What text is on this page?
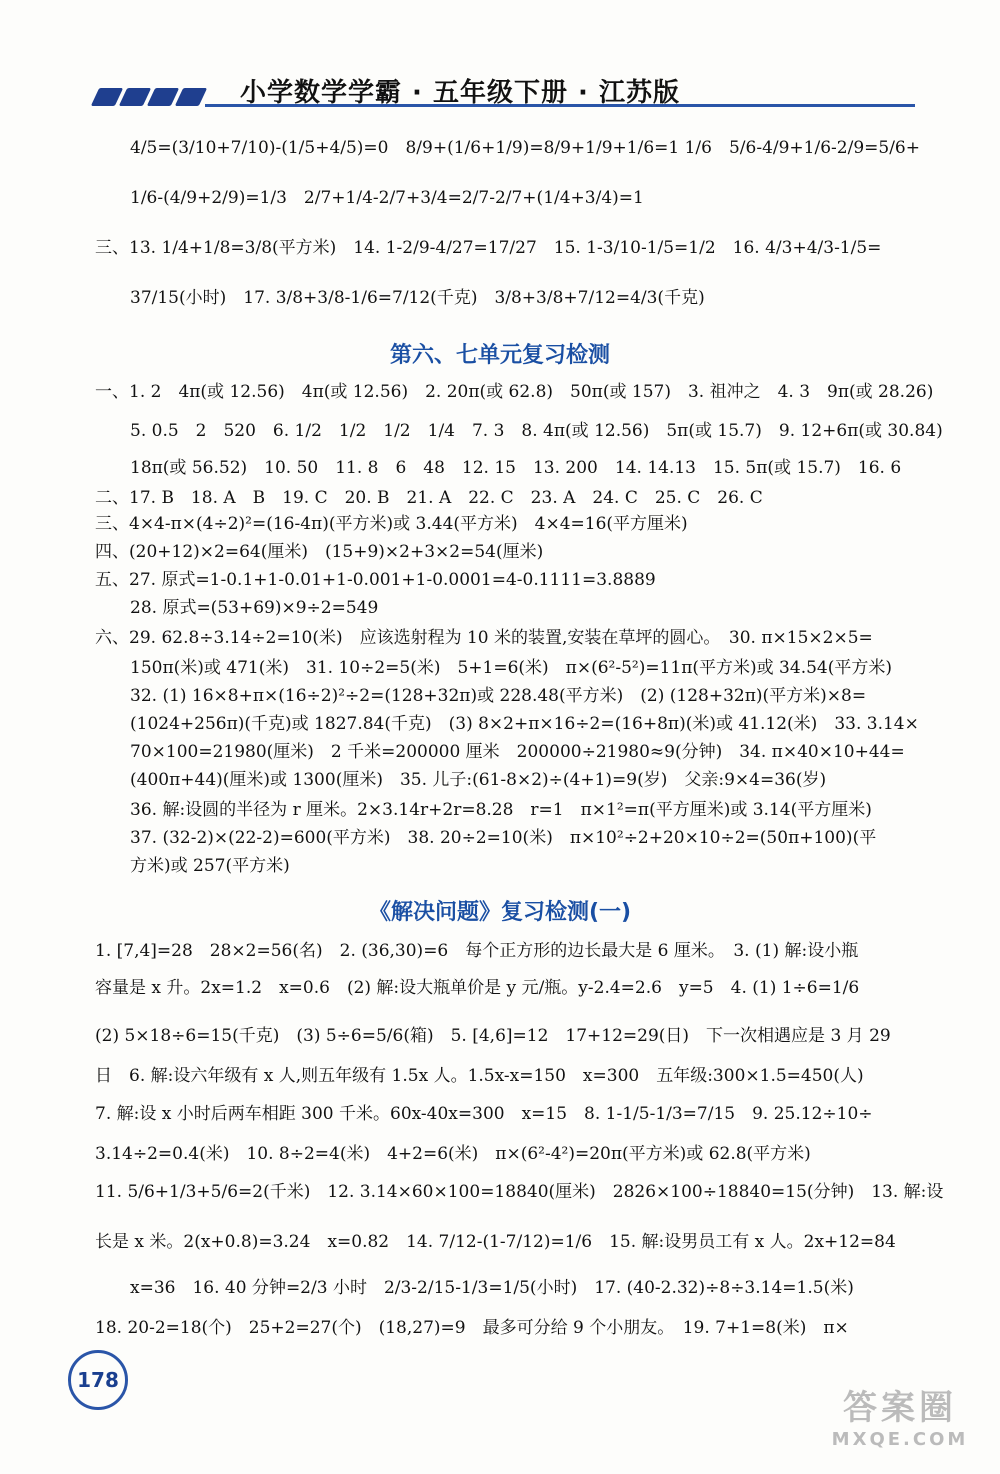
小学数学学霸 · 五年级下册 · 江苏版
4/5=(3/10+7/10)-(1/5+4/5)=0　8/9+(1/6+1/9)=8/9+1/9+1/6=1 1/6　5/6-4/9+1/6-2/9=5/6+
1/6-(4/9+2/9)=1/3　2/7+1/4-2/7+3/4=2/7-2/7+(1/4+3/4)=1
三、13. 1/4+1/8=3/8(平方米)　14. 1-2/9-4/27=17/27　15. 1-3/10-1/5=1/2　16. 4/3+4/3-1/5=
37/15(小时)　17. 3/8+3/8-1/6=7/12(千克)　3/8+3/8+7/12=4/3(千克)
第六、七单元复习检测
一、1. 2　4π(或 12.56)　4π(或 12.56)　2. 20π(或 62.8)　50π(或 157)　3. 祖冲之　4. 3　9π(或 28.26)
5. 0.5　2　520　6. 1/2　1/2　1/2　1/4　7. 3　8. 4π(或 12.56)　5π(或 15.7)　9. 12+6π(或 30.84)
18π(或 56.52)　10. 50　11. 8　6　48　12. 15　13. 200　14. 14.13　15. 5π(或 15.7)　16. 6
二、17. B　18. A　B　19. C　20. B　21. A　22. C　23. A　24. C　25. C　26. C
三、4×4-π×(4÷2)²=(16-4π)(平方米)或 3.44(平方米)　4×4=16(平方厘米)
四、(20+12)×2=64(厘米)　(15+9)×2+3×2=54(厘米)
五、27. 原式=1-0.1+1-0.01+1-0.001+1-0.0001=4-0.1111=3.8889
28. 原式=(53+69)×9÷2=549
六、29. 62.8÷3.14÷2=10(米)　应该选射程为 10 米的装置,安装在草坪的圆心。　30. π×15×2×5=
150π(米)或 471(米)　31. 10÷2=5(米)　5+1=6(米)　π×(6²-5²)=11π(平方米)或 34.54(平方米)
32. (1) 16×8+π×(16÷2)²÷2=(128+32π)或 228.48(平方米)　(2) (128+32π)(平方米)×8=
(1024+256π)(千克)或 1827.84(千克)　(3) 8×2+π×16÷2=(16+8π)(米)或 41.12(米)　33. 3.14×
70×100=21980(厘米)　2 千米=200000 厘米　200000÷21980≈9(分钟)　34. π×40×10+44=
(400π+44)(厘米)或 1300(厘米)　35. 儿子:(61-8×2)÷(4+1)=9(岁)　父亲:9×4=36(岁)
36. 解:设圆的半径为 r 厘米。2×3.14r+2r=8.28　r=1　π×1²=π(平方厘米)或 3.14(平方厘米)
37. (32-2)×(22-2)=600(平方米)　38. 20÷2=10(米)　π×10²÷2+20×10÷2=(50π+100)(平
方米)或 257(平方米)
《解决问题》复习检测(一)
1. [7,4]=28　28×2=56(名)　2. (36,30)=6　每个正方形的边长最大是 6 厘米。　3. (1) 解:设小瓶
容量是 x 升。2x=1.2　x=0.6　(2) 解:设大瓶单价是 y 元/瓶。y-2.4=2.6　y=5　4. (1) 1÷6=1/6
(2) 5×18÷6=15(千克)　(3) 5÷6=5/6(箱)　5. [4,6]=12　17+12=29(日)　下一次相遇应是 3 月 29
日　6. 解:设六年级有 x 人,则五年级有 1.5x 人。1.5x-x=150　x=300　五年级:300×1.5=450(人)
7. 解:设 x 小时后两车相距 300 千米。60x-40x=300　x=15　8. 1-1/5-1/3=7/15　9. 25.12÷10÷
3.14÷2=0.4(米)　10. 8÷2=4(米)　4+2=6(米)　π×(6²-4²)=20π(平方米)或 62.8(平方米)
11. 5/6+1/3+5/6=2(千米)　12. 3.14×60×100=18840(厘米)　2826×100÷18840=15(分钟)　13. 解:设
长是 x 米。2(x+0.8)=3.24　x=0.82　14. 7/12-(1-7/12)=1/6　15. 解:设男员工有 x 人。2x+12=84
x=36　16. 40 分钟=2/3 小时　2/3-2/15-1/3=1/5(小时)　17. (40-2.32)÷8÷3.14=1.5(米)
18. 20-2=18(个)　25+2=27(个)　(18,27)=9　最多可分给 9 个小朋友。　19. 7+1=8(米)　π×
178
答案圈
MXQE.COM
